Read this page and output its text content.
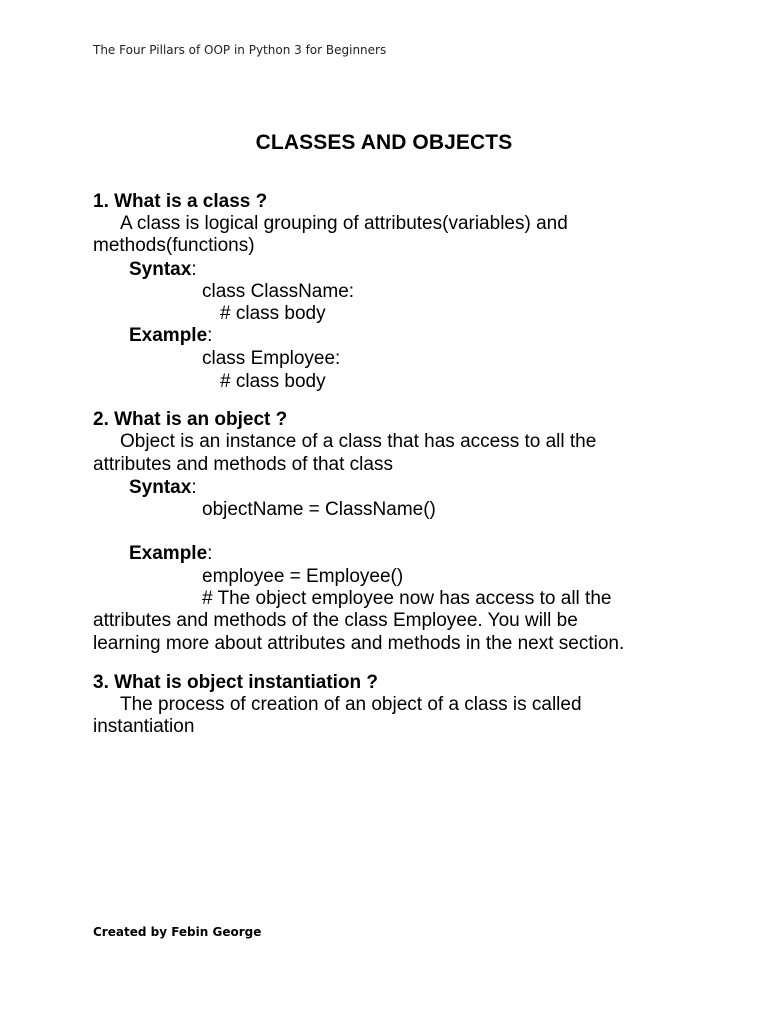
The Four Pillars of OOP in Python 3 for Beginners
CLASSES AND OBJECTS
1. What is a class ?
A class is logical grouping of attributes(variables) and
methods(functions)
Syntax:
class ClassName:
# class body
Example:
class Employee:
# class body
2. What is an object ?
Object is an instance of a class that has access to all the
attributes and methods of that class
Syntax:
objectName = ClassName()
Example:
employee = Employee()
# The object employee now has access to all the
attributes and methods of the class Employee. You will be
learning more about attributes and methods in the next section.
3. What is object instantiation ?
The process of creation of an object of a class is called
instantiation
Created by Febin George
